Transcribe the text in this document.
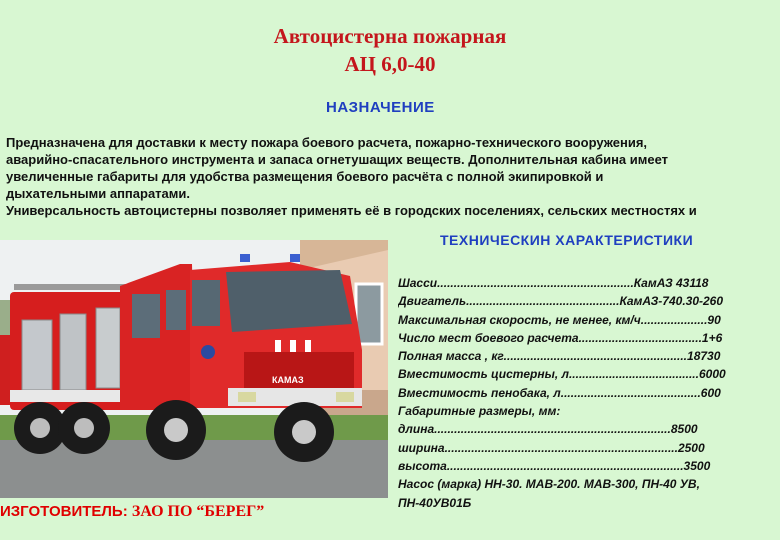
Автоцистерна пожарная
АЦ 6,0-40
НАЗНАЧЕНИЕ

Предназначена для доставки к месту пожара боевого расчета, пожарно-технического вооружения,

аварийно-спасательного инструмента и запаса огнетушащих веществ. Дополнительная кабина имеет

увеличенные габариты для удобства размещения боевого расчёта с полной экипировкой и

дыхательными аппаратами.

Универсальность автоцистерны позволяет применять её в городских поселениях, сельских местностях и

КАМАЗ
ТЕХНИЧЕСКИН ХАРАКТЕРИСТИКИ

Шасси...........................................................КамАЗ 43118

Двигатель..............................................КамАЗ-740.30-260

Максимальная скорость, не менее, км/ч....................90

Число мест боевого расчета.....................................1+6

Полная масса , кг.......................................................18730

Вместимость цистерны, л.......................................6000

Вместимость пенобака, л..........................................600

Габаритные размеры, мм:

длина.......................................................................8500

ширина......................................................................2500

высота.......................................................................3500

Насос (марка) НН-30. МАВ-200. МАВ-300, ПН-40 УВ,

ПН-40УВ01Б

ИЗГОТОВИТЕЛЬ: ЗАО ПО “БЕРЕГ”
